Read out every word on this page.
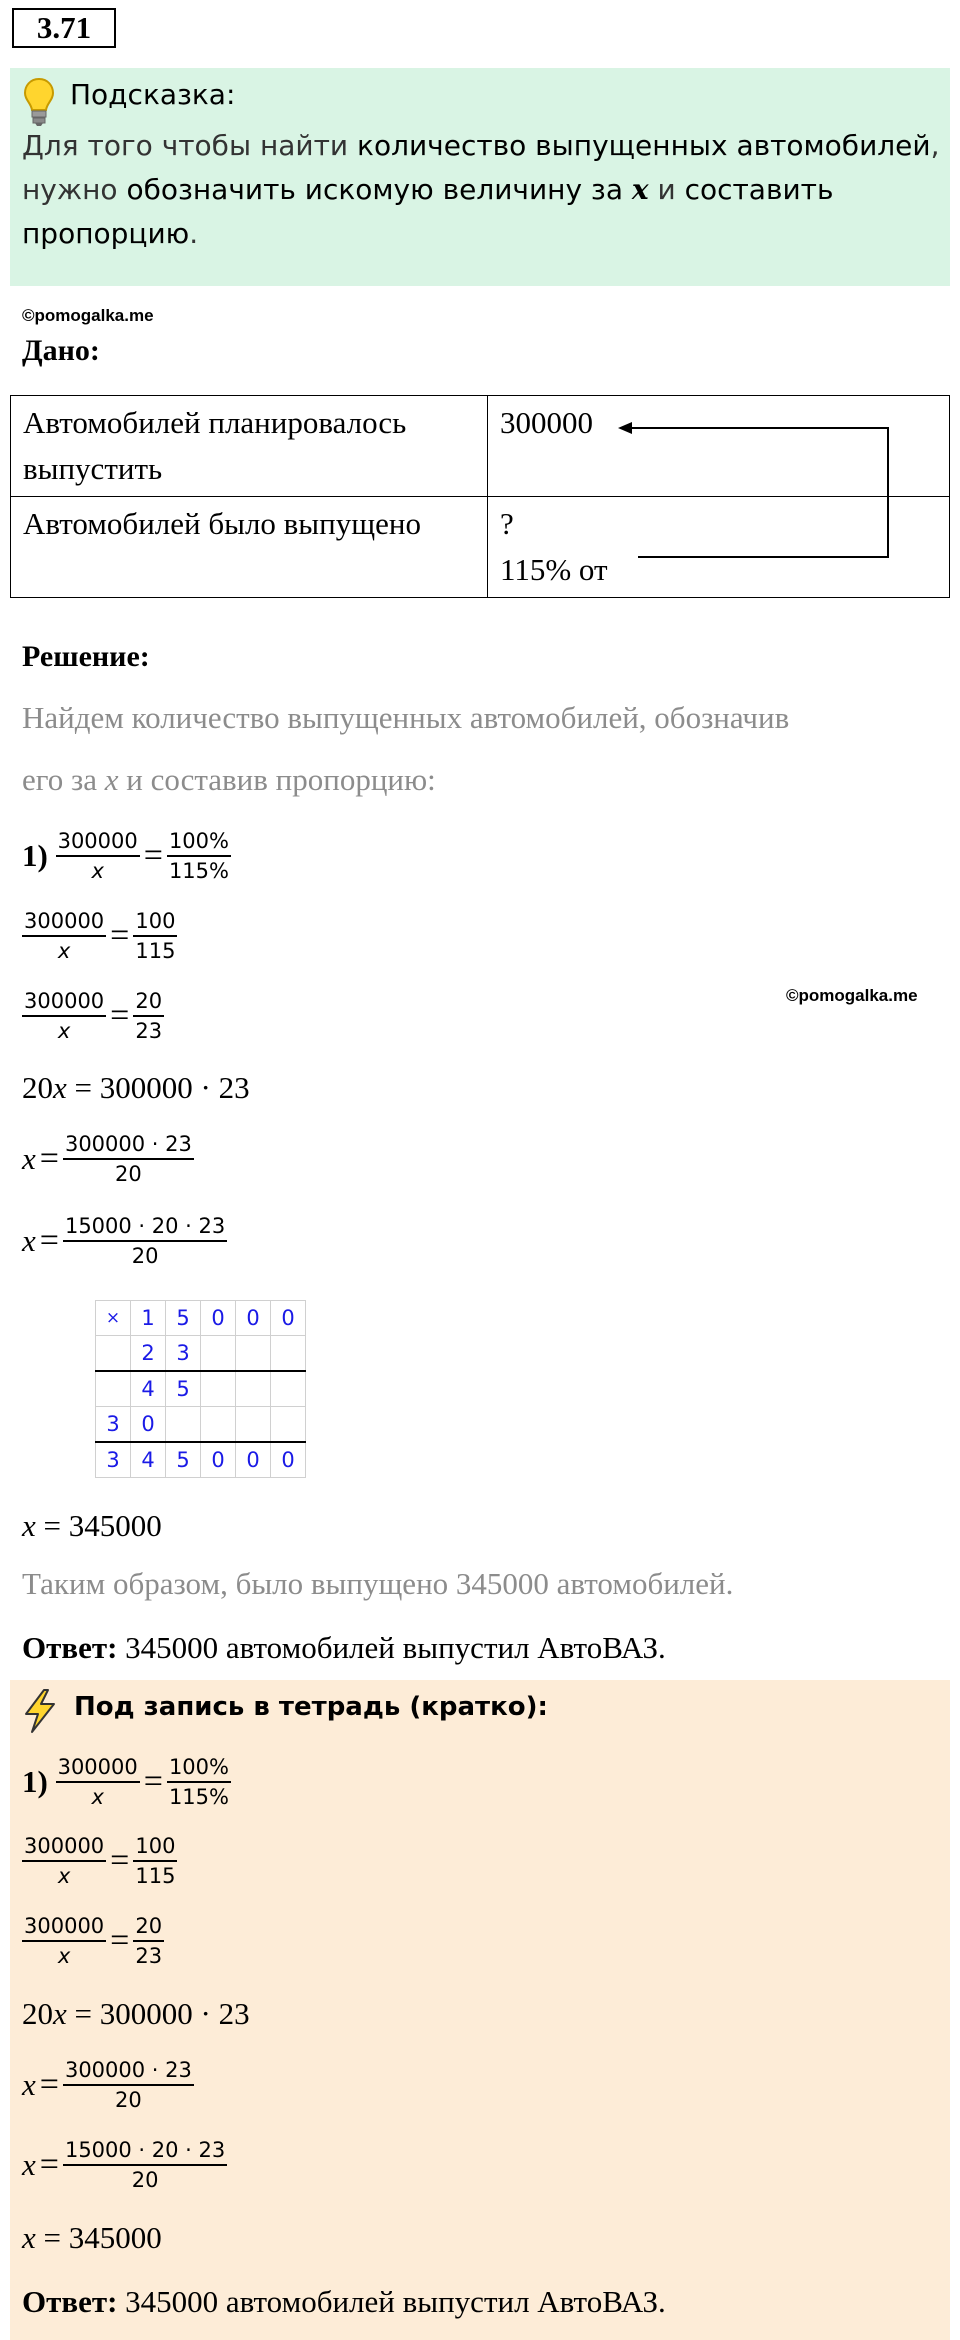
3.71
Подсказка:
Для того чтобы найти количество выпущенных автомобилей, нужно обозначить искомую величину за x и составить пропорцию.
©pomogalka.me
Дано:
Автомобилей планировалось выпустить	300000
Автомобилей было выпущено	?
115% от
Решение:
Найдем количество выпущенных автомобилей, обозначив
его за x и составив пропорцию:
$1) \frac{300000}{x} = \frac{100\%}{115\%}$
$\frac{300000}{x} = \frac{100}{115}$
$\frac{300000}{x} = \frac{20}{23}$	©pomogalka.me
20x = 300000 · 23
$x = \frac{300000 \cdot 23}{20}$
$x = \frac{15000 \cdot 20 \cdot 23}{20}$
×	1	5	0	0	0
	2	3			
	4	5			
3	0				
3	4	5	0	0	0
x = 345000
Таким образом, было выпущено 345000 автомобилей.
Ответ: 345000 автомобилей выпустил АвтоВАЗ.
Под запись в тетрадь (кратко):
$1) \frac{300000}{x} = \frac{100\%}{115\%}$
$\frac{300000}{x} = \frac{100}{115}$
$\frac{300000}{x} = \frac{20}{23}$
20x = 300000 · 23
$x = \frac{300000 \cdot 23}{20}$
$x = \frac{15000 \cdot 20 \cdot 23}{20}$
x = 345000
Ответ: 345000 автомобилей выпустил АвтоВАЗ.
